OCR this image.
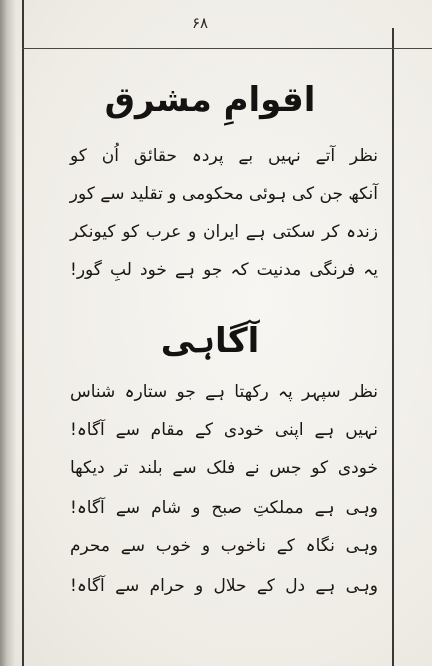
۶۸
اقوامِ مشرق
نظر آتے نہیں بے پردہ حقائق اُن کو
آنکھ جن کی ہوئی محکومی و تقلید سے کور
زندہ کر سکتی ہے ایران و عرب کو کیونکر
یہ فرنگی مدنیت کہ جو ہے خود لبِ گور!
آگاہی
نظر سپہر پہ رکھتا ہے جو ستارہ شناس
نہیں ہے اپنی خودی کے مقام سے آگاہ!
خودی کو جس نے فلک سے بلند تر دیکھا
وہی ہے مملکتِ صبح و شام سے آگاہ!
وہی نگاہ کے ناخوب و خوب سے محرم
وہی ہے دل کے حلال و حرام سے آگاہ!
